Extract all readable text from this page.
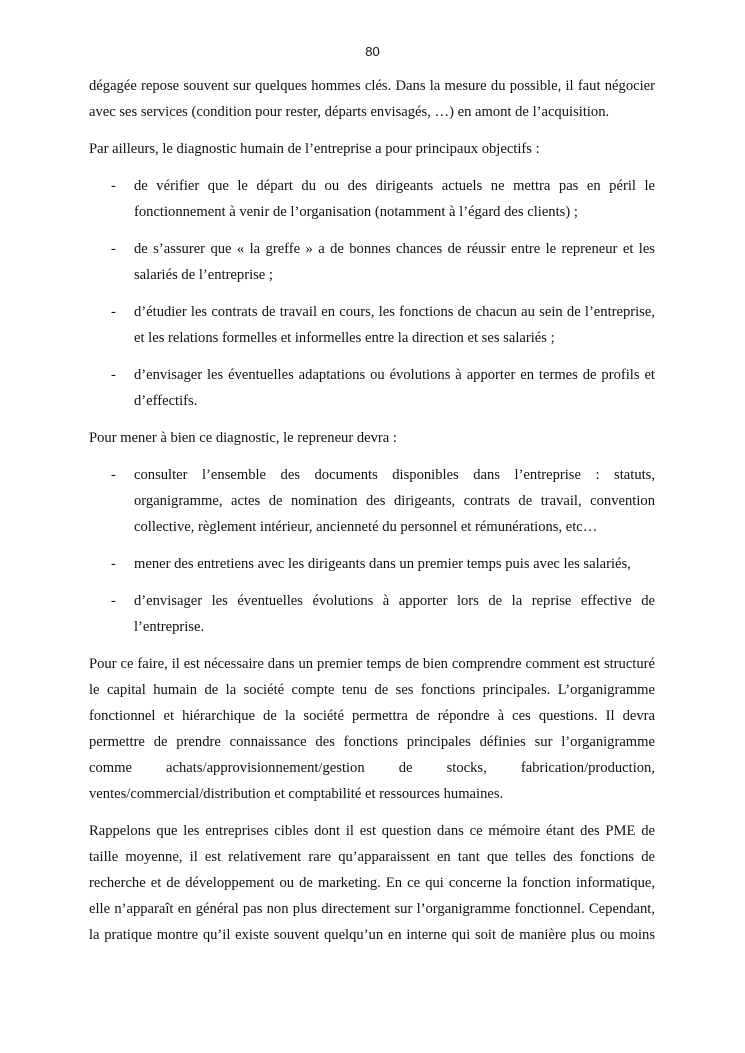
80

dégagée repose souvent sur quelques hommes clés. Dans la mesure du possible, il faut négocier avec ses services (condition pour rester, départs envisagés, …) en amont de l’acquisition.

Par ailleurs, le diagnostic humain de l’entreprise a pour principaux objectifs :

- de vérifier que le départ du ou des dirigeants actuels ne mettra pas en péril le fonctionnement à venir de l’organisation (notamment à l’égard des clients) ;
- de s’assurer que « la greffe » a de bonnes chances de réussir entre le repreneur et les salariés de l’entreprise ;
- d’étudier les contrats de travail en cours, les fonctions de chacun au sein de l’entreprise, et les relations formelles et informelles entre la direction et ses salariés ;
- d’envisager les éventuelles adaptations ou évolutions à apporter en termes de profils et d’effectifs.

Pour mener à bien ce diagnostic, le repreneur devra :

- consulter l’ensemble des documents disponibles dans l’entreprise : statuts, organigramme, actes de nomination des dirigeants, contrats de travail, convention collective, règlement intérieur, ancienneté du personnel et rémunérations, etc…
- mener des entretiens avec les dirigeants dans un premier temps puis avec les salariés,
- d’envisager les éventuelles évolutions à apporter lors de la reprise effective de l’entreprise.

Pour ce faire, il est nécessaire dans un premier temps de bien comprendre comment est structuré le capital humain de la société compte tenu de ses fonctions principales. L’organigramme fonctionnel et hiérarchique de la société permettra de répondre à ces questions. Il devra permettre de prendre connaissance des fonctions principales définies sur l’organigramme comme achats/approvisionnement/gestion de stocks, fabrication/production, ventes/commercial/distribution et comptabilité et ressources humaines.

Rappelons que les entreprises cibles dont il est question dans ce mémoire étant des PME de taille moyenne, il est relativement rare qu’apparaissent en tant que telles des fonctions de recherche et de développement ou de marketing. En ce qui concerne la fonction informatique, elle n’apparaît en général pas non plus directement sur l’organigramme fonctionnel. Cependant, la pratique montre qu’il existe souvent quelqu’un en interne qui soit de manière plus ou moins
